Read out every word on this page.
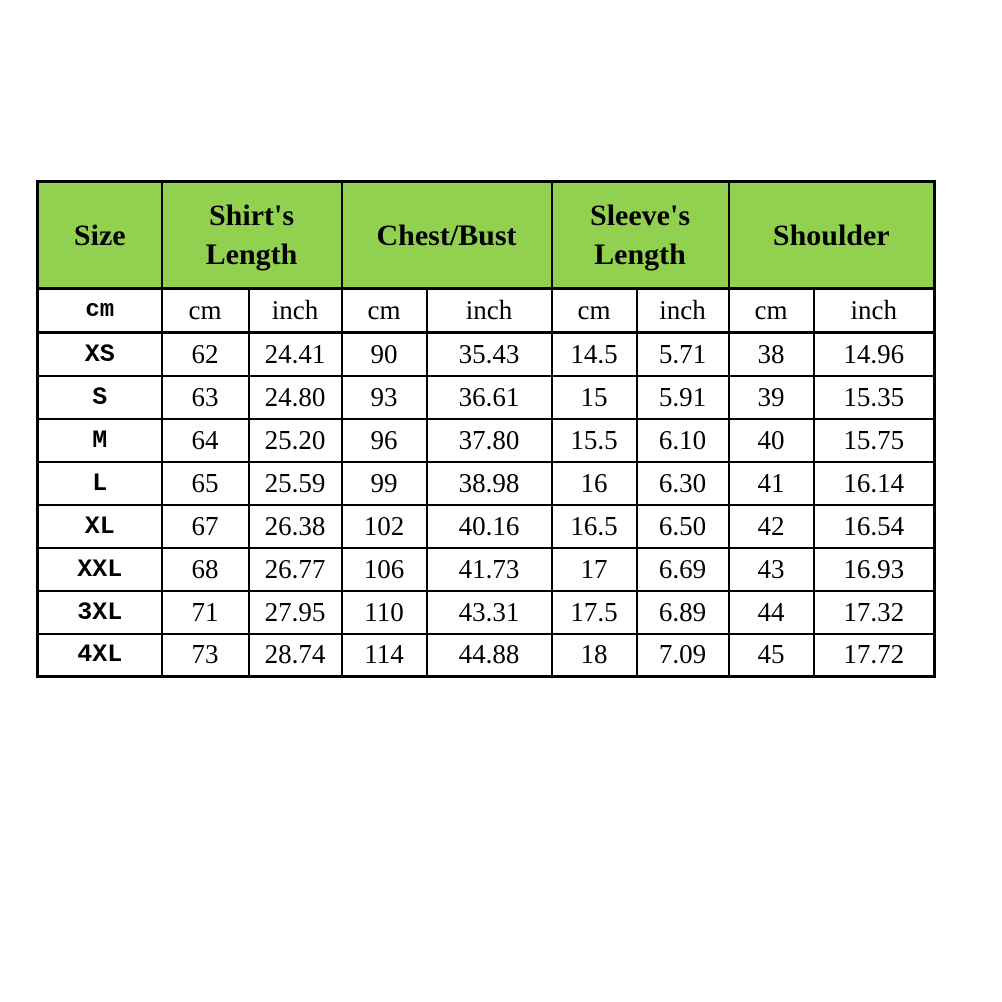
Size	Shirt's Length		Chest/Bust		Sleeve's Length		Shoulder	
cm	cm	inch	cm	inch	cm	inch	cm	inch
XS	62	24.41	90	35.43	14.5	5.71	38	14.96
S	63	24.80	93	36.61	15	5.91	39	15.35
M	64	25.20	96	37.80	15.5	6.10	40	15.75
L	65	25.59	99	38.98	16	6.30	41	16.14
XL	67	26.38	102	40.16	16.5	6.50	42	16.54
XXL	68	26.77	106	41.73	17	6.69	43	16.93
3XL	71	27.95	110	43.31	17.5	6.89	44	17.32
4XL	73	28.74	114	44.88	18	7.09	45	17.72
